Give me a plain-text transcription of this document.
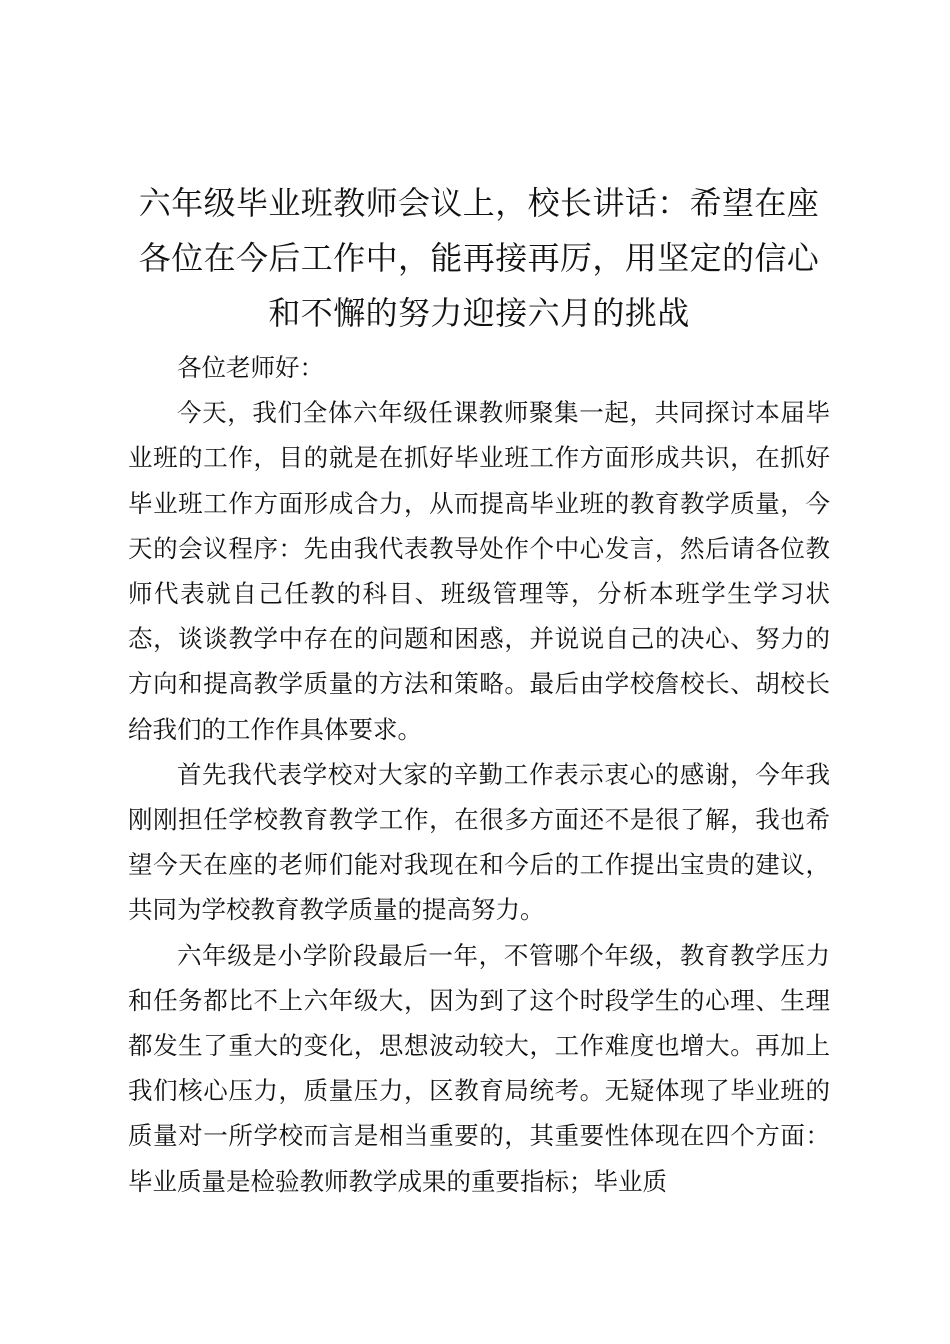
六年级毕业班教师会议上，校长讲话：希望在座各位在今后工作中，能再接再厉，用坚定的信心和不懈的努力迎接六月的挑战

各位老师好：

今天，我们全体六年级任课教师聚集一起，共同探讨本届毕业班的工作，目的就是在抓好毕业班工作方面形成共识，在抓好毕业班工作方面形成合力，从而提高毕业班的教育教学质量，今天的会议程序：先由我代表教导处作个中心发言，然后请各位教师代表就自己任教的科目、班级管理等，分析本班学生学习状态，谈谈教学中存在的问题和困惑，并说说自己的决心、努力的方向和提高教学质量的方法和策略。最后由学校詹校长、胡校长给我们的工作作具体要求。

首先我代表学校对大家的辛勤工作表示衷心的感谢，今年我刚刚担任学校教育教学工作，在很多方面还不是很了解，我也希望今天在座的老师们能对我现在和今后的工作提出宝贵的建议，共同为学校教育教学质量的提高努力。

六年级是小学阶段最后一年，不管哪个年级，教育教学压力和任务都比不上六年级大，因为到了这个时段学生的心理、生理都发生了重大的变化，思想波动较大，工作难度也增大。再加上我们核心压力，质量压力，区教育局统考。无疑体现了毕业班的质量对一所学校而言是相当重要的，其重要性体现在四个方面：毕业质量是检验教师教学成果的重要指标；毕业质
